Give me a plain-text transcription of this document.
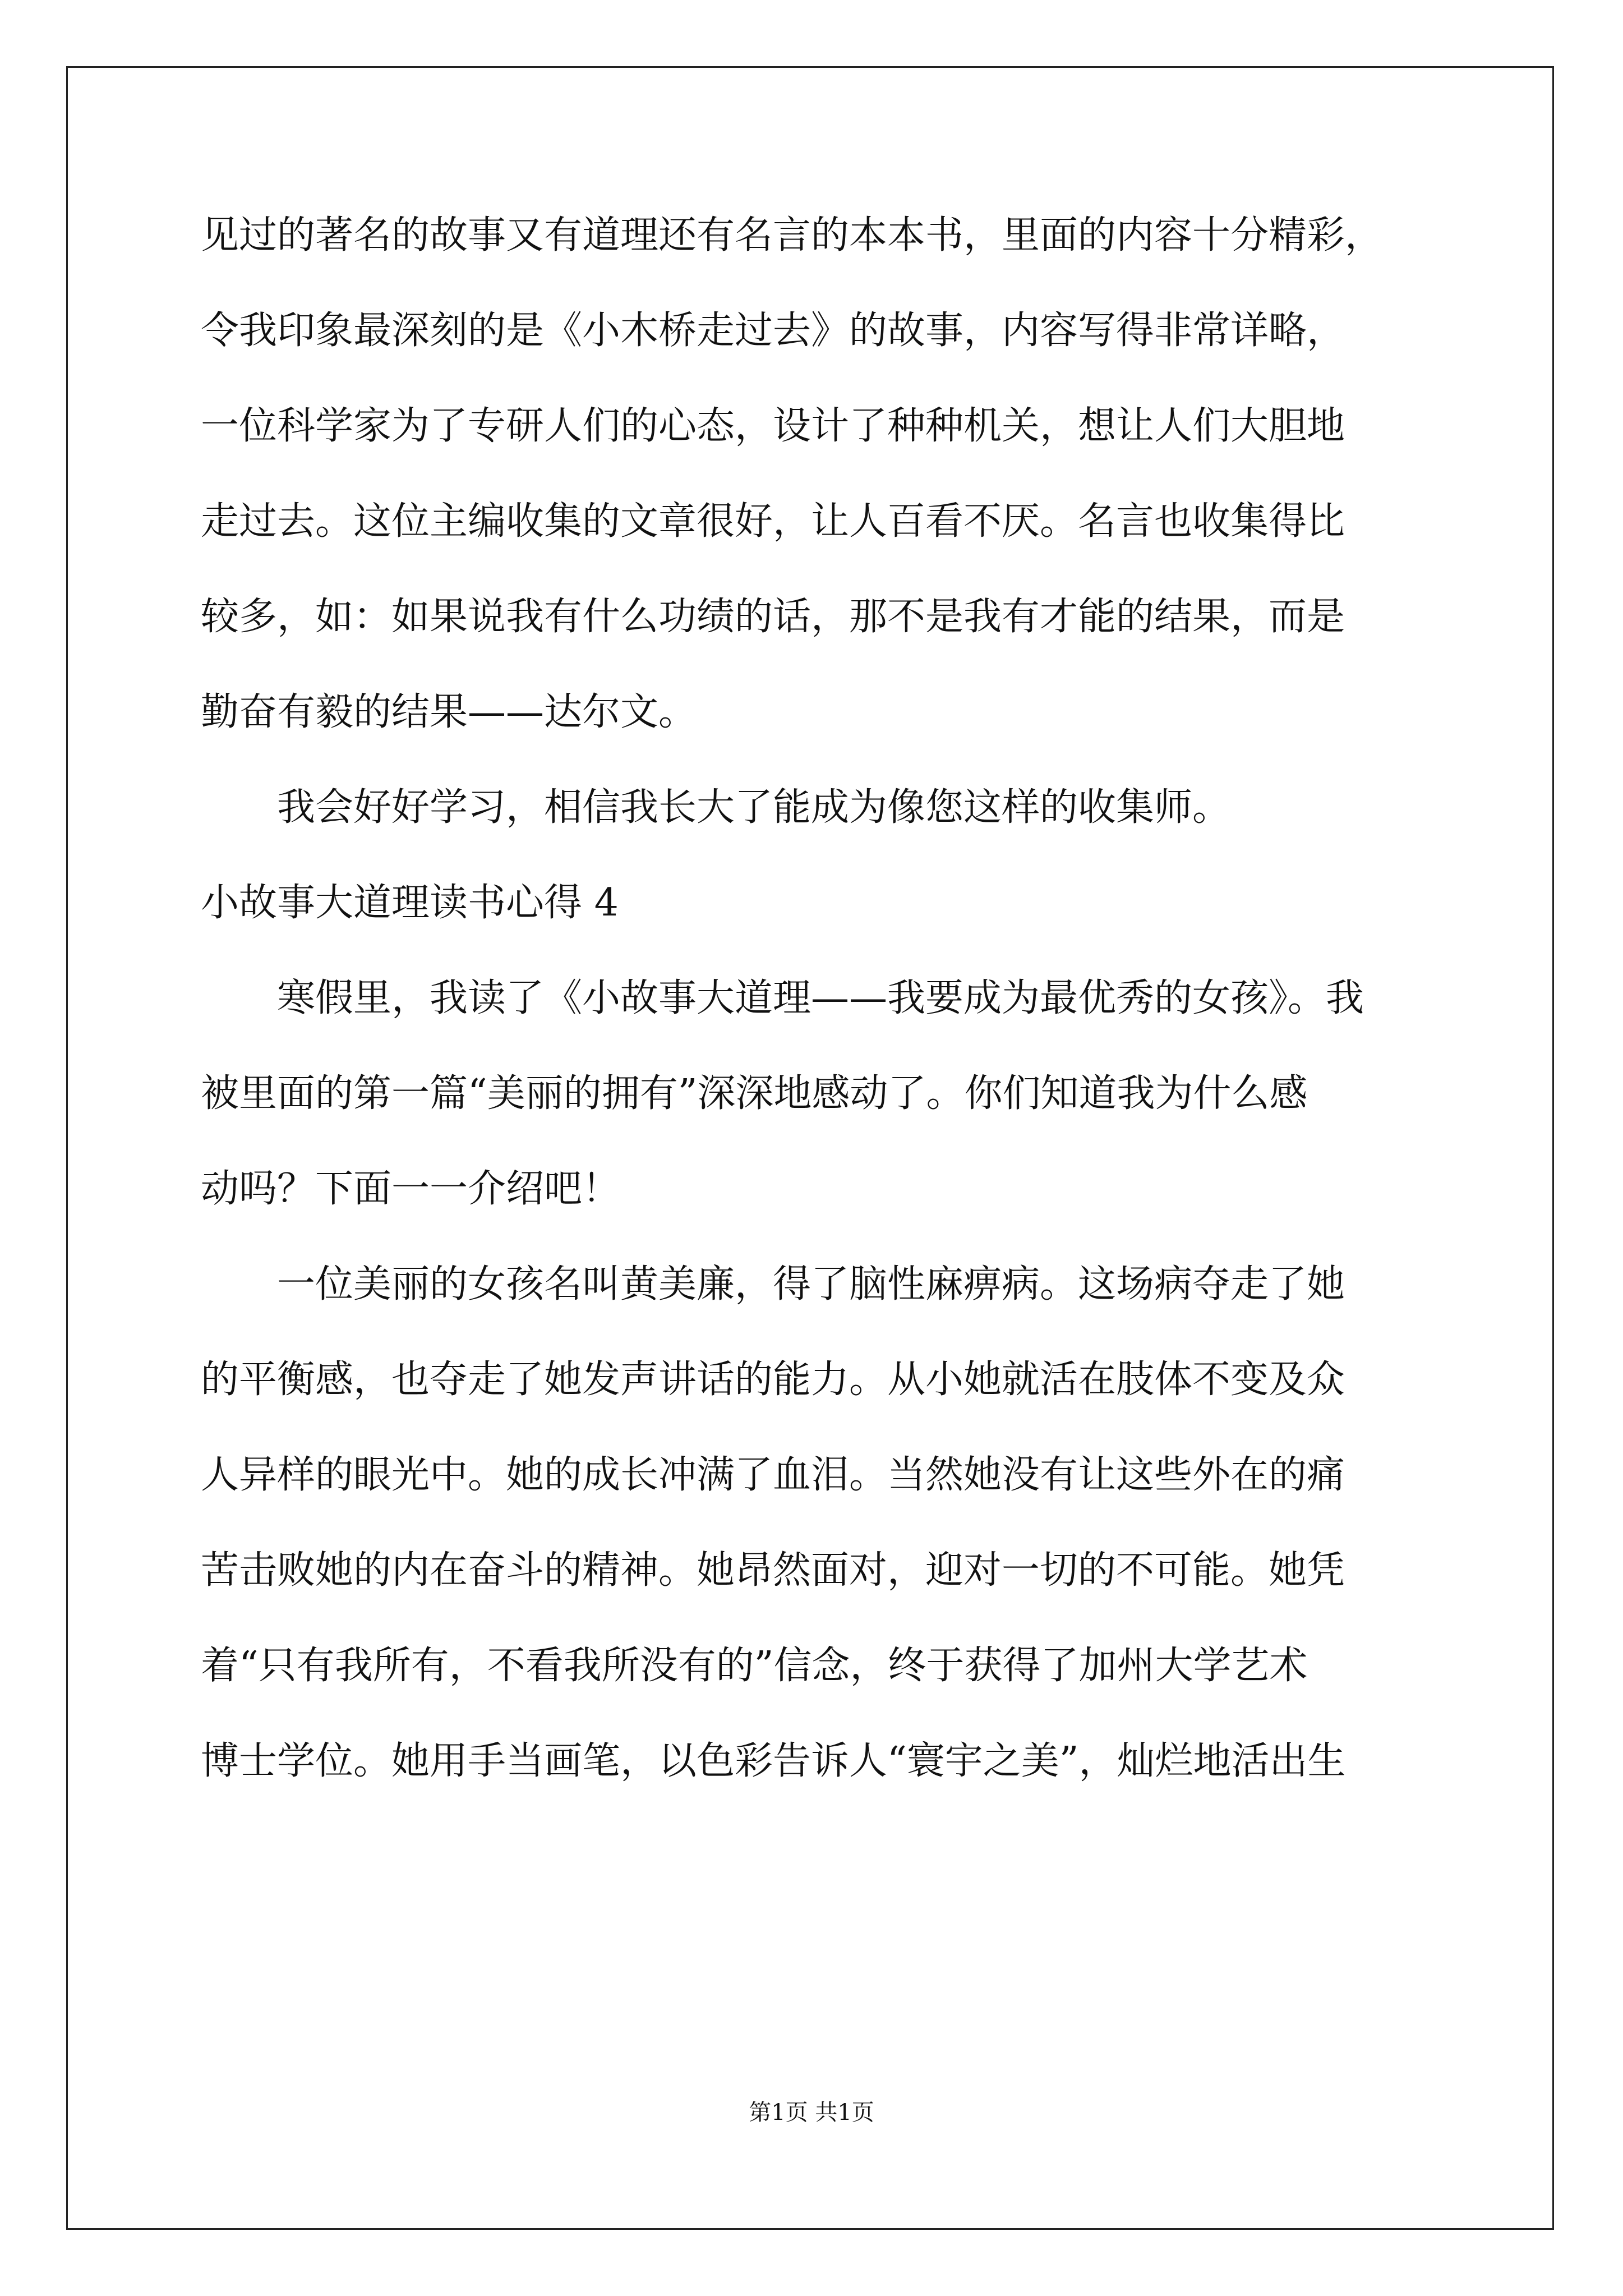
见过的著名的故事又有道理还有名言的本本书，里面的内容十分精彩，
令我印象最深刻的是《小木桥走过去》的故事，内容写得非常详略，
一位科学家为了专研人们的心态，设计了种种机关，想让人们大胆地
走过去。这位主编收集的文章很好，让人百看不厌。名言也收集得比
较多，如：如果说我有什么功绩的话，那不是我有才能的结果，而是
勤奋有毅的结果——达尔文。
我会好好学习，相信我长大了能成为像您这样的收集师。
小故事大道理读书心得 4
寒假里，我读了《小故事大道理——我要成为最优秀的女孩》。我
被里面的第一篇“美丽的拥有”深深地感动了。你们知道我为什么感
动吗？下面一一介绍吧！
一位美丽的女孩名叫黄美廉，得了脑性麻痹病。这场病夺走了她
的平衡感，也夺走了她发声讲话的能力。从小她就活在肢体不变及众
人异样的眼光中。她的成长冲满了血泪。当然她没有让这些外在的痛
苦击败她的内在奋斗的精神。她昂然面对，迎对一切的不可能。她凭
着“只有我所有，不看我所没有的”信念，终于获得了加州大学艺术
博士学位。她用手当画笔，以色彩告诉人“寰宇之美”，灿烂地活出生
第1页 共1页
